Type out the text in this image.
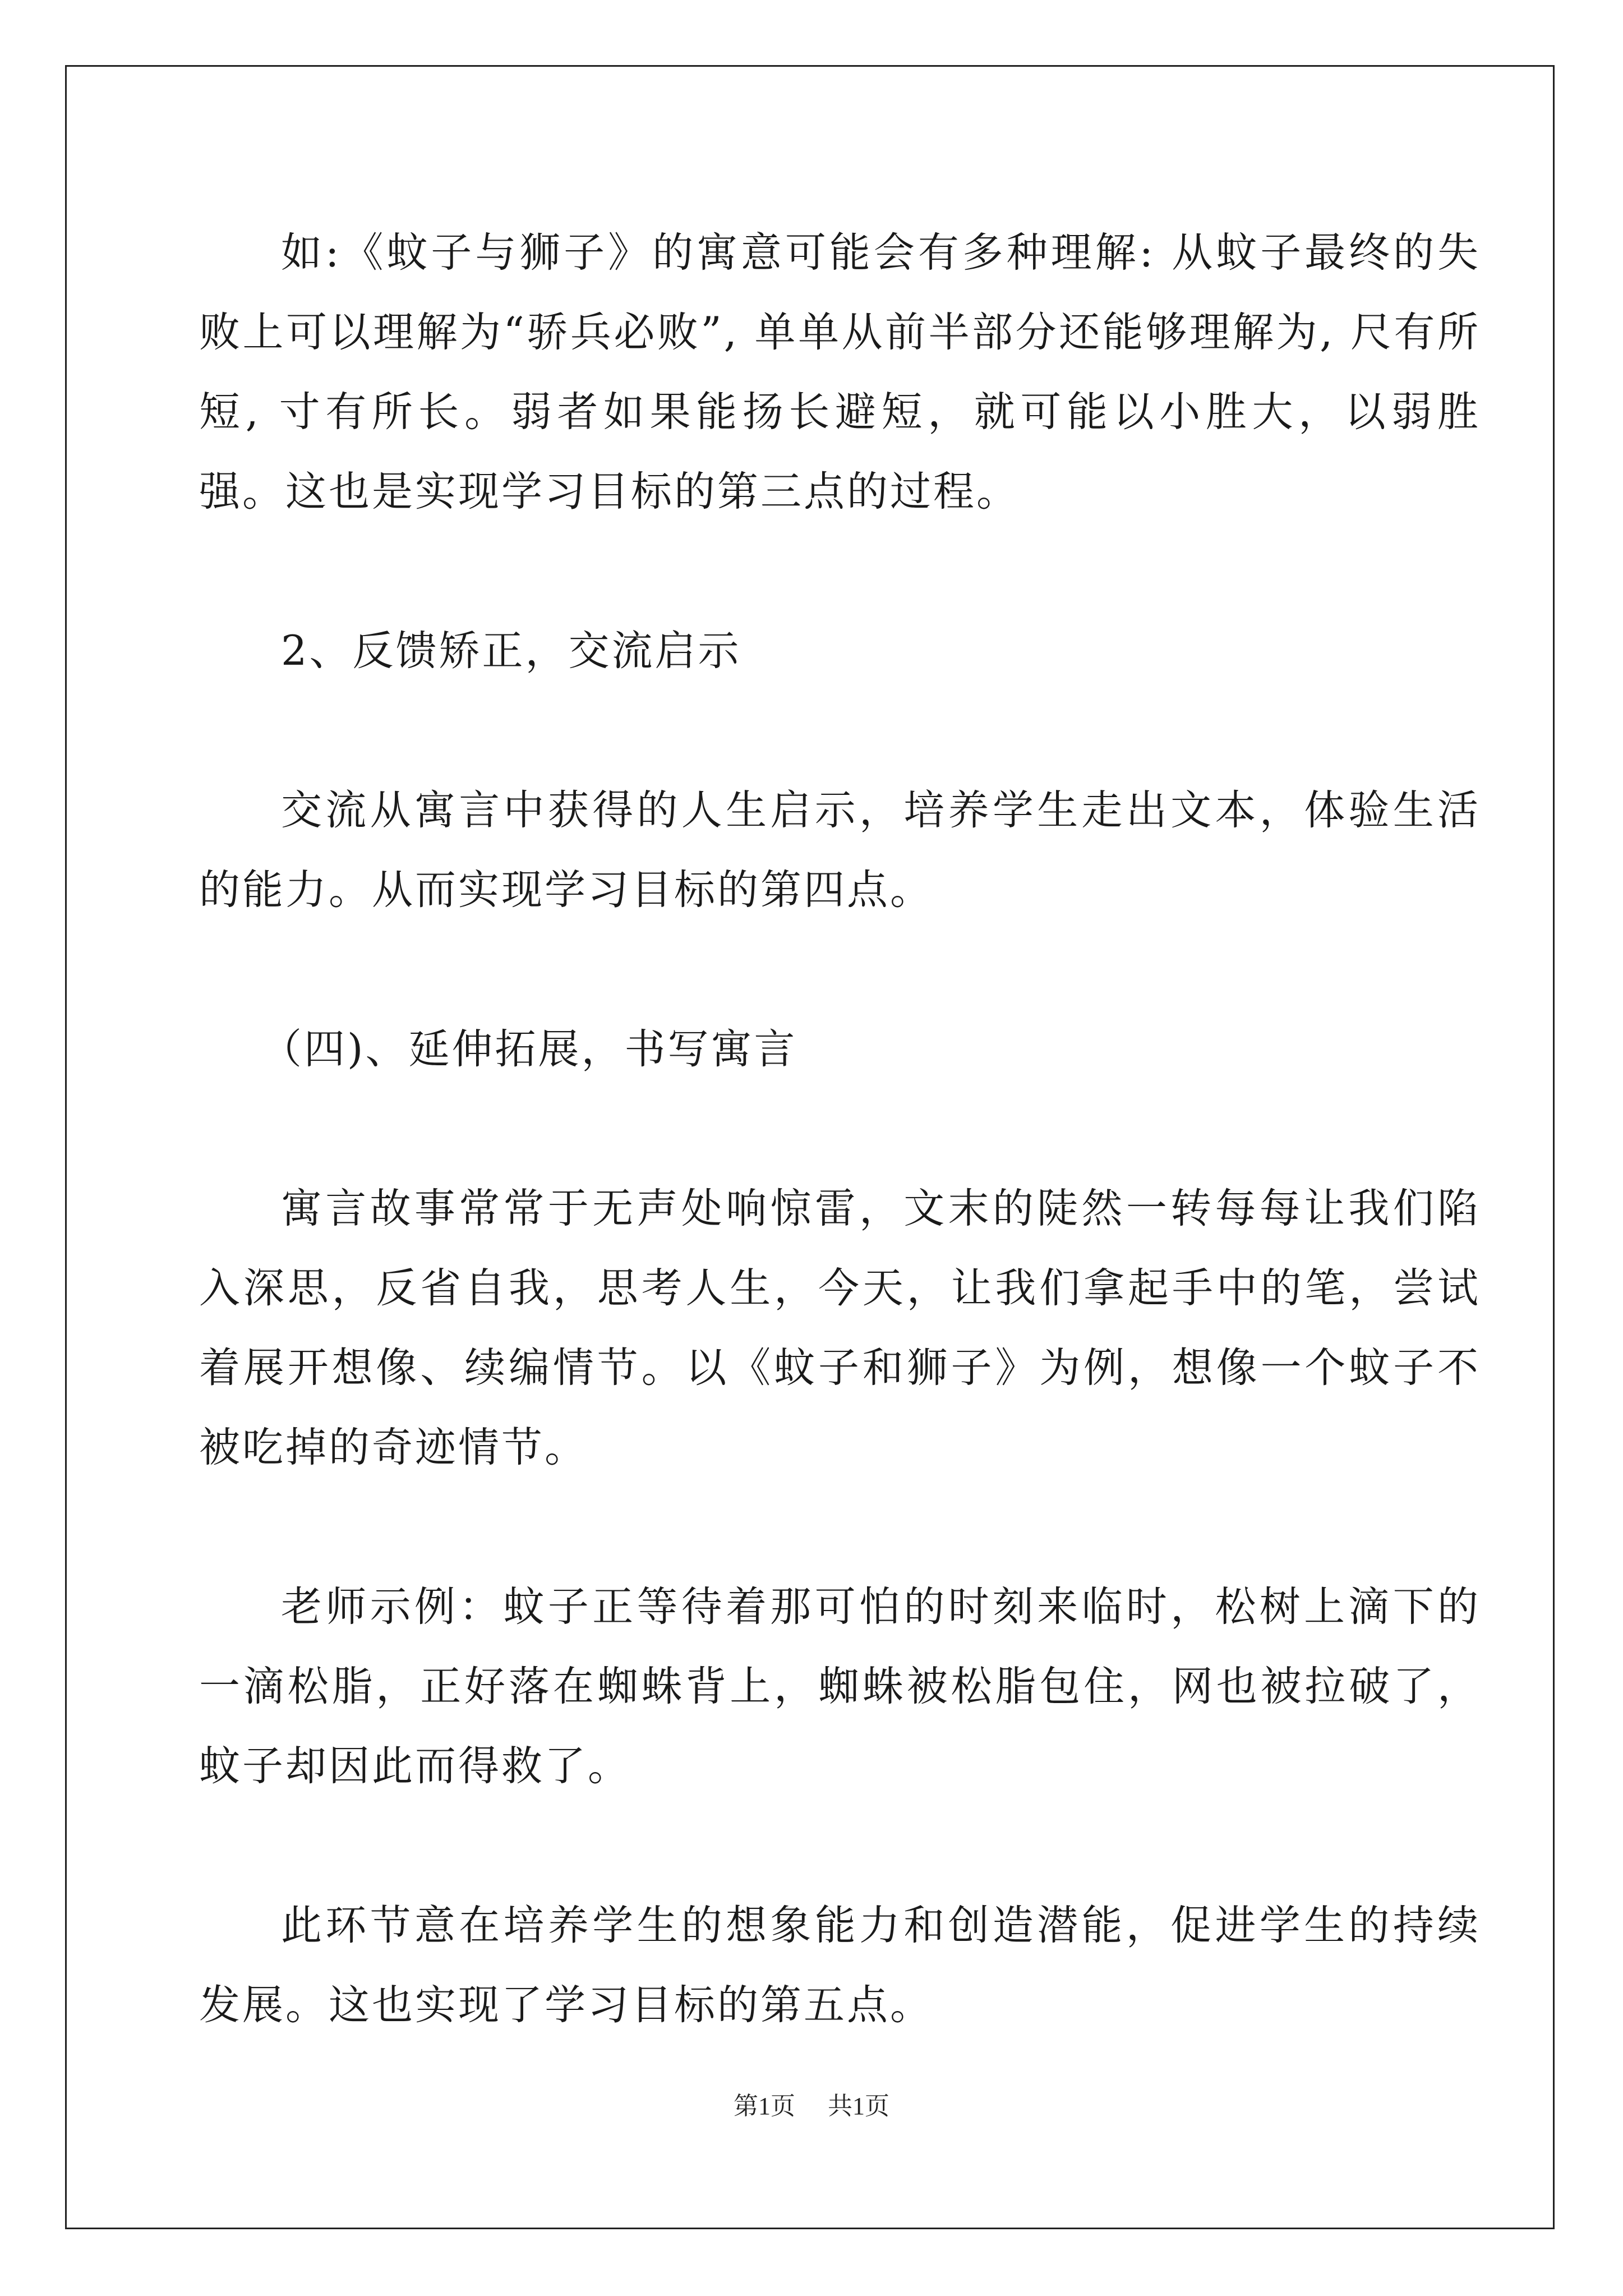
如:《蚊子与狮子》的寓意可能会有多种理解: 从蚊子最终的失败上可以理解为“骄兵必败”, 单单从前半部分还能够理解为, 尺有所短, 寸有所长。弱者如果能扬长避短，就可能以小胜大，以弱胜强。这也是实现学习目标的第三点的过程。

2、反馈矫正，交流启示

交流从寓言中获得的人生启示，培养学生走出文本，体验生活的能力。从而实现学习目标的第四点。

（四)、延伸拓展，书写寓言

寓言故事常常于无声处响惊雷，文末的陡然一转每每让我们陷入深思，反省自我，思考人生，今天，让我们拿起手中的笔，尝试着展开想像、续编情节。以《蚊子和狮子》为例，想像一个蚊子不被吃掉的奇迹情节。

老师示例：蚊子正等待着那可怕的时刻来临时，松树上滴下的一滴松脂，正好落在蜘蛛背上，蜘蛛被松脂包住，网也被拉破了，蚊子却因此而得救了。

此环节意在培养学生的想象能力和创造潜能，促进学生的持续发展。这也实现了学习目标的第五点。

第1页 共1页
